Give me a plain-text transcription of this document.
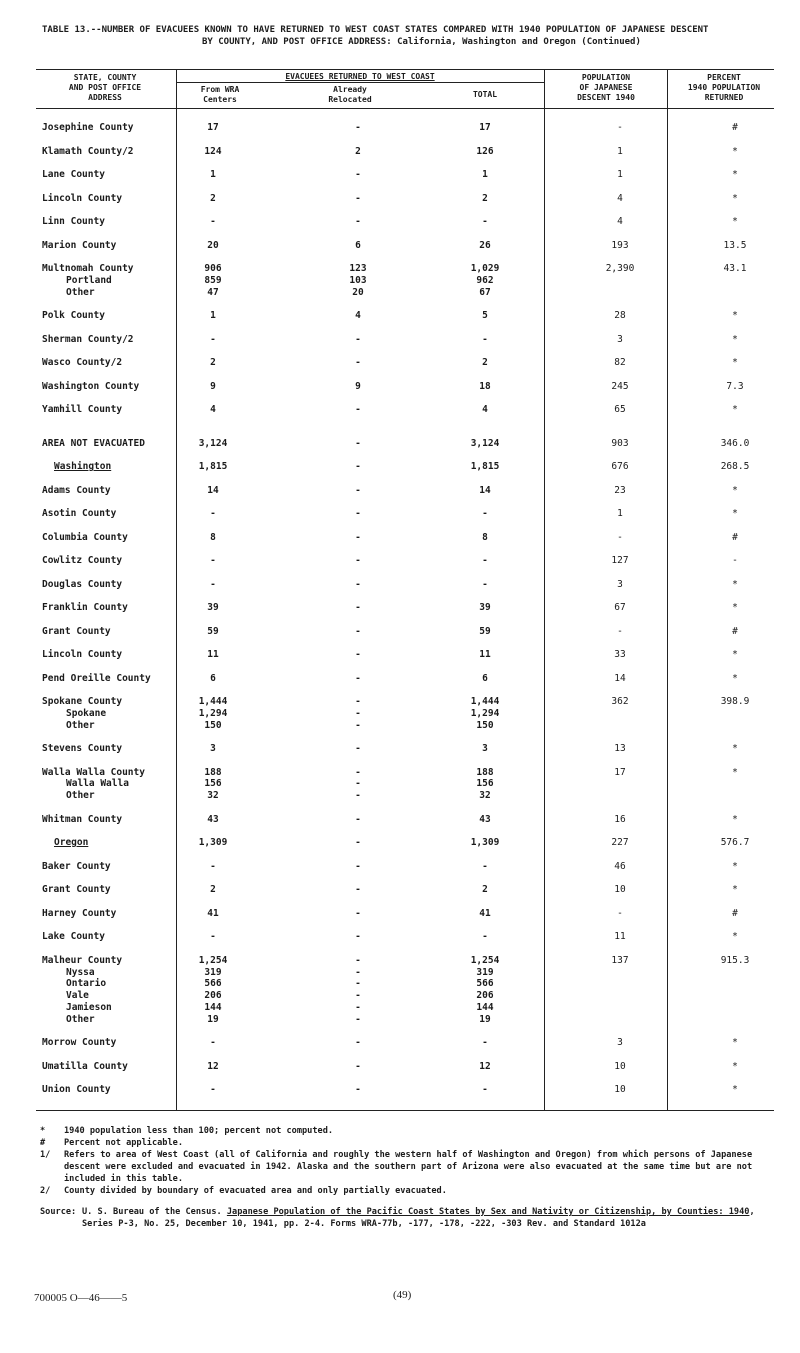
TABLE 13.--NUMBER OF EVACUEES KNOWN TO HAVE RETURNED TO WEST COAST STATES COMPARED WITH 1940 POPULATION OF JAPANESE DESCENT
BY COUNTY, AND POST OFFICE ADDRESS: California, Washington and Oregon (Continued)
STATE, COUNTY
AND POST OFFICE
ADDRESS
EVACUEES RETURNED TO WEST COAST
From WRA
Centers
Already
Relocated
TOTAL
POPULATION
OF JAPANESE
DESCENT 1940
PERCENT
1940 POPULATION
RETURNED
Josephine County	17	-	17	-	#
Klamath County/2	124	2	126	1	*
Lane County	1	-	1	1	*
Lincoln County	2	-	2	4	*
Linn County	-	-	-	4	*
Marion County	20	6	26	193	13.5
Multnomah County	906	123	1,029	2,390	43.1
Portland	859	103	962
Other	47	20	67
Polk County	1	4	5	28	*
Sherman County/2	-	-	-	3	*
Wasco County/2	2	-	2	82	*
Washington County	9	9	18	245	7.3
Yamhill County	4	-	4	65	*
AREA NOT EVACUATED	3,124	-	3,124	903	346.0
Washington	1,815	-	1,815	676	268.5
Adams County	14	-	14	23	*
Asotin County	-	-	-	1	*
Columbia County	8	-	8	-	#
Cowlitz County	-	-	-	127	-
Douglas County	-	-	-	3	*
Franklin County	39	-	39	67	*
Grant County	59	-	59	-	#
Lincoln County	11	-	11	33	*
Pend Oreille County	6	-	6	14	*
Spokane County	1,444	-	1,444	362	398.9
Spokane	1,294	-	1,294
Other	150	-	150
Stevens County	3	-	3	13	*
Walla Walla County	188	-	188	17	*
Walla Walla	156	-	156
Other	32	-	32
Whitman County	43	-	43	16	*
Oregon	1,309	-	1,309	227	576.7
Baker County	-	-	-	46	*
Grant County	2	-	2	10	*
Harney County	41	-	41	-	#
Lake County	-	-	-	11	*
Malheur County	1,254	-	1,254	137	915.3
Nyssa	319	-	319
Ontario	566	-	566
Vale	206	-	206
Jamieson	144	-	144
Other	19	-	19
Morrow County	-	-	-	3	*
Umatilla County	12	-	12	10	*
Union County	-	-	-	10	*
* 1940 population less than 100; percent not computed.
# Percent not applicable.
1/ Refers to area of West Coast (all of California and roughly the western half of Washington and Oregon) from which persons of Japanese descent were excluded and evacuated in 1942. Alaska and the southern part of Arizona were also evacuated at the same time but are not included in this table.
2/ County divided by boundary of evacuated area and only partially evacuated.
Source: U. S. Bureau of the Census. Japanese Population of the Pacific Coast States by Sex and Nativity or Citizenship, by Counties: 1940, Series P-3, No. 25, December 10, 1941, pp. 2-4. Forms WRA-77b, -177, -178, -222, -303 Rev. and Standard 1012a
700005 O—46——5	(49)
